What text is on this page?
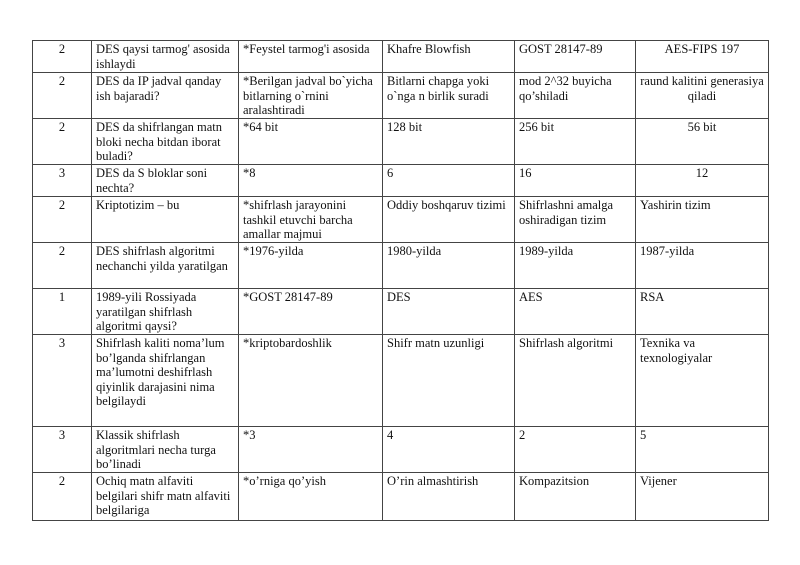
2	DES qaysi tarmog' asosida ishlaydi	*Feystel tarmog'i asosida	Khafre Blowfish	GOST 28147-89	AES-FIPS 197
2	DES da IP jadval qanday ish bajaradi?	*Berilgan jadval bo`yicha bitlarning o`rnini aralashtiradi	Bitlarni chapga yoki o`nga n birlik suradi	mod 2^32 buyicha qo’shiladi	raund kalitini generasiya qiladi
2	DES da shifrlangan matn bloki necha bitdan iborat buladi?	*64 bit	128 bit	256 bit	56 bit
3	DES da S bloklar soni nechta?	*8	6	16	12
2	Kriptotizim – bu	*shifrlash jarayonini tashkil etuvchi barcha amallar majmui	Oddiy boshqaruv tizimi	Shifrlashni amalga oshiradigan tizim	Yashirin tizim
2	DES shifrlash algoritmi nechanchi yilda yaratilgan	*1976-yilda	1980-yilda	1989-yilda	1987-yilda
1	1989-yili Rossiyada yaratilgan shifrlash algoritmi qaysi?	*GOST 28147-89	DES	AES	RSA
3	Shifrlash kaliti noma’lum bo’lganda shifrlangan ma’lumotni deshifrlash qiyinlik darajasini nima belgilaydi	*kriptobardoshlik	Shifr matn uzunligi	Shifrlash algoritmi	Texnika va texnologiyalar
3	Klassik shifrlash algoritmlari necha turga bo’linadi	*3	4	2	5
2	Ochiq matn alfaviti belgilari shifr matn alfaviti belgilariga	*o’rniga qo’yish	O’rin almashtirish	Kompazitsion	Vijener
